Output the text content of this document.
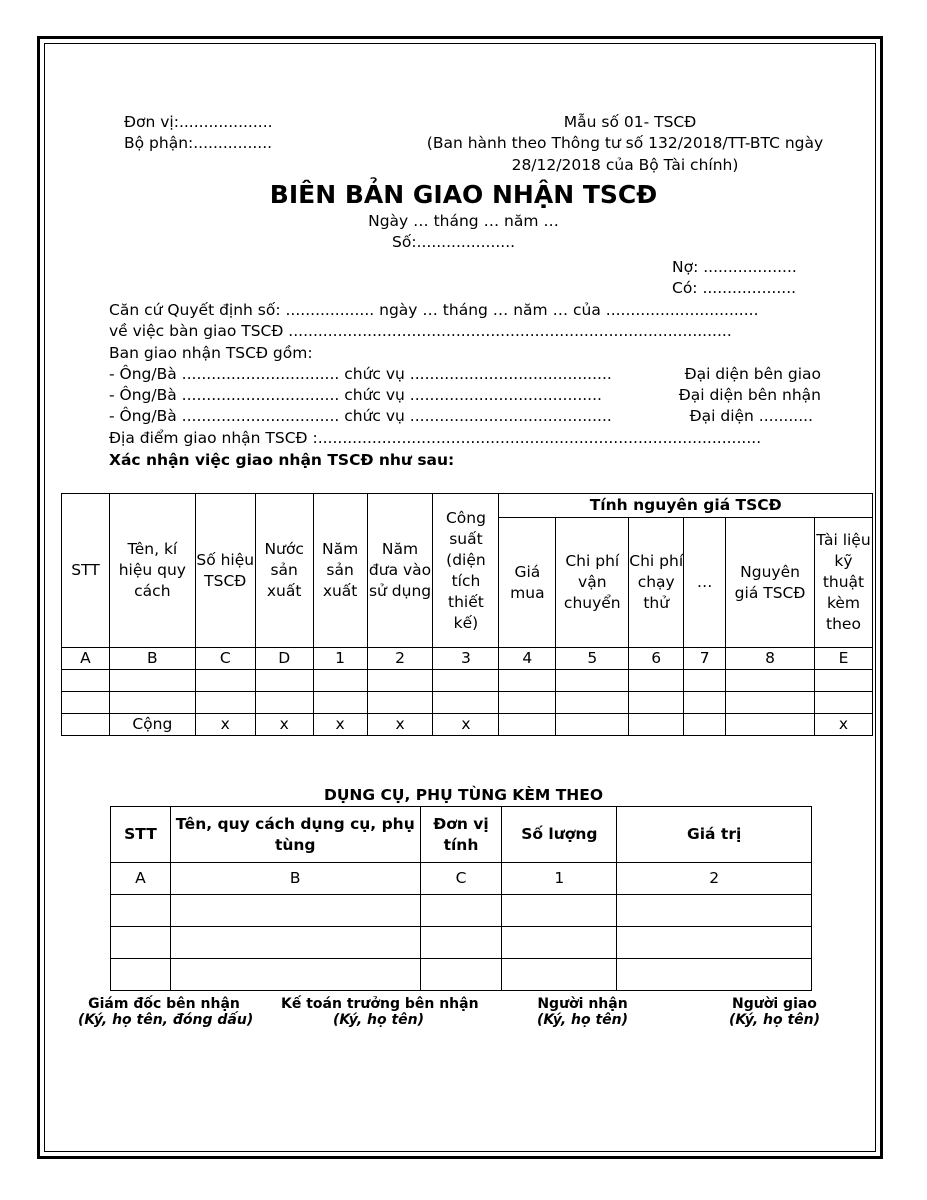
Đơn vị:...................
Bộ phận:................
Mẫu số 01- TSCĐ
(Ban hành theo Thông tư số 132/2018/TT-BTC ngày
28/12/2018 của Bộ Tài chính)
BIÊN BẢN GIAO NHẬN TSCĐ
Ngày … tháng … năm …
Số:....................
Nợ: ...................
Có: ...................
Căn cứ Quyết định số: .................. ngày … tháng … năm … của ...............................
về việc bàn giao TSCĐ ..........................................................................................
Ban giao nhận TSCĐ gồm:
- Ông/Bà ................................ chức vụ .........................................	Đại diện bên giao
- Ông/Bà ................................ chức vụ .......................................	Đại diện bên nhận
- Ông/Bà ................................ chức vụ .........................................	Đại diện ...........
Địa điểm giao nhận TSCĐ :..........................................................................................
Xác nhận việc giao nhận TSCĐ như sau:
STT	Tên, kí hiệu quy cách	Số hiệu TSCĐ	Nước sản xuất	Năm sản xuất	Năm đưa vào sử dụng	Công suất (diện tích thiết kế)	Tính nguyên giá TSCĐ					
							Giá mua	Chi phí vận chuyển	Chi phí chạy thử	…	Nguyên giá TSCĐ	Tài liệu kỹ thuật kèm theo
A	B	C	D	1	2	3	4	5	6	7	8	E

	Cộng	x	x	x	x	x						x
DỤNG CỤ, PHỤ TÙNG KÈM THEO
STT	Tên, quy cách dụng cụ, phụ tùng	Đơn vị tính	Số lượng	Giá trị
A	B	C	1	2

Giám đốc bên nhận
(Ký, họ tên, đóng dấu)
Kế toán trưởng bên nhận
(Ký, họ tên)
Người nhận
(Ký, họ tên)
Người giao
(Ký, họ tên)
